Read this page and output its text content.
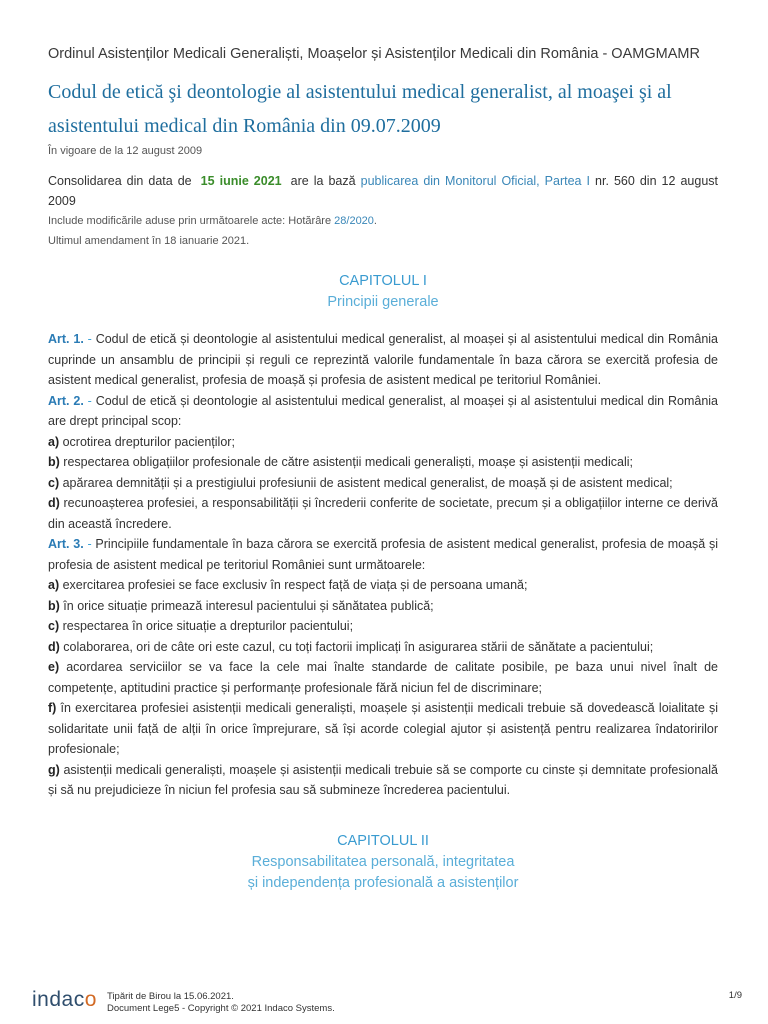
Ordinul Asistenților Medicali Generaliști, Moașelor și Asistenților Medicali din România - OAMGMAMR

Codul de etică şi deontologie al asistentului medical generalist, al moaşei şi al asistentului medical din România din 09.07.2009
În vigoare de la 12 august 2009

Consolidarea din data de 15 iunie 2021 are la bază publicarea din Monitorul Oficial, Partea I nr. 560 din 12 august 2009

Include modificările aduse prin următoarele acte: Hotărâre 28/2020.
Ultimul amendament în 18 ianuarie 2021.
CAPITOLUL I
Principii generale

Art. 1. - Codul de etică și deontologie al asistentului medical generalist, al moașei și al asistentului medical din România cuprinde un ansamblu de principii și reguli ce reprezintă valorile fundamentale în baza cărora se exercită profesia de asistent medical generalist, profesia de moașă și profesia de asistent medical pe teritoriul României.

Art. 2. - Codul de etică și deontologie al asistentului medical generalist, al moașei și al asistentului medical din România are drept principal scop:

a) ocrotirea drepturilor pacienților;

b) respectarea obligațiilor profesionale de către asistenții medicali generaliști, moașe și asistenții medicali;

c) apărarea demnității și a prestigiului profesiunii de asistent medical generalist, de moașă și de asistent medical;

d) recunoașterea profesiei, a responsabilității și încrederii conferite de societate, precum și a obligațiilor interne ce derivă din această încredere.

Art. 3. - Principiile fundamentale în baza cărora se exercită profesia de asistent medical generalist, profesia de moașă și profesia de asistent medical pe teritoriul României sunt următoarele:

a) exercitarea profesiei se face exclusiv în respect față de viața și de persoana umană;

b) în orice situație primează interesul pacientului și sănătatea publică;

c) respectarea în orice situație a drepturilor pacientului;

d) colaborarea, ori de câte ori este cazul, cu toți factorii implicați în asigurarea stării de sănătate a pacientului;

e) acordarea serviciilor se va face la cele mai înalte standarde de calitate posibile, pe baza unui nivel înalt de competențe, aptitudini practice și performanțe profesionale fără niciun fel de discriminare;

f) în exercitarea profesiei asistenții medicali generaliști, moașele și asistenții medicali trebuie să dovedească loialitate și solidaritate unii față de alții în orice împrejurare, să își acorde colegial ajutor și asistență pentru realizarea îndatoririlor profesionale;

g) asistenții medicali generaliști, moașele și asistenții medicali trebuie să se comporte cu cinste și demnitate profesională și să nu prejudicieze în niciun fel profesia sau să submineze încrederea pacientului.

CAPITOLUL II
Responsabilitatea personală, integritatea
și independența profesională a asistenților
indaco Tipărit de Birou la 15.06.2021.
Document Lege5 - Copyright © 2021 Indaco Systems.
1/9
